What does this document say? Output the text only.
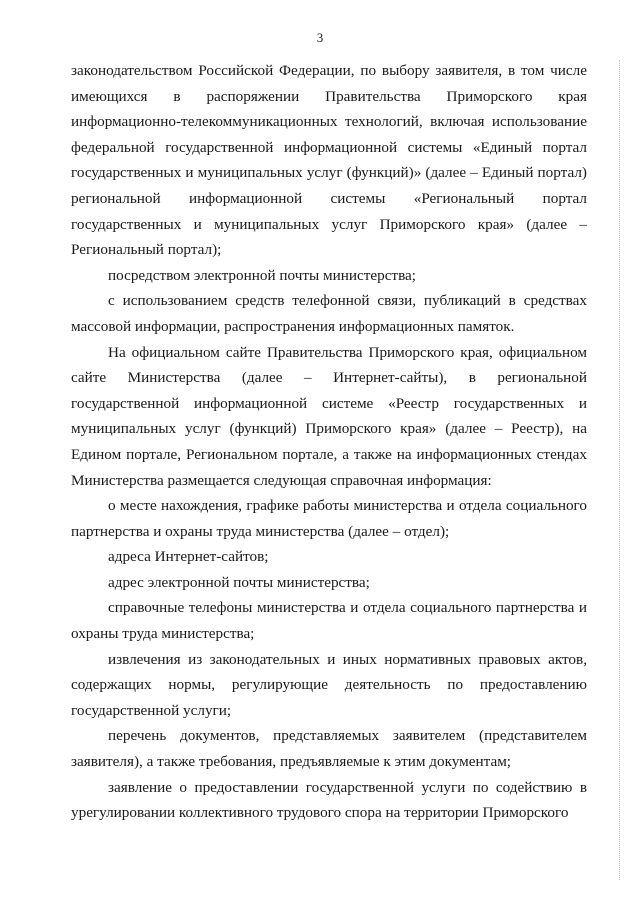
3

законодательством Российской Федерации, по выбору заявителя, в том числе имеющихся в распоряжении Правительства Приморского края информационно-телекоммуникационных технологий, включая использование федеральной государственной информационной системы «Единый портал государственных и муниципальных услуг (функций)» (далее – Единый портал) региональной информационной системы «Региональный портал государственных и муниципальных услуг Приморского края» (далее – Региональный портал);

посредством электронной почты министерства;

с использованием средств телефонной связи, публикаций в средствах массовой информации, распространения информационных памяток.

На официальном сайте Правительства Приморского края, официальном сайте Министерства (далее – Интернет-сайты), в региональной государственной информационной системе «Реестр государственных и муниципальных услуг (функций) Приморского края» (далее – Реестр), на Едином портале, Региональном портале, а также на информационных стендах Министерства размещается следующая справочная информация:

о месте нахождения, графике работы министерства и отдела социального партнерства и охраны труда министерства (далее – отдел);

адреса Интернет-сайтов;

адрес электронной почты министерства;

справочные телефоны министерства и отдела социального партнерства и охраны труда министерства;

извлечения из законодательных и иных нормативных правовых актов, содержащих нормы, регулирующие деятельность по предоставлению государственной услуги;

перечень документов, представляемых заявителем (представителем заявителя), а также требования, предъявляемые к этим документам;

заявление о предоставлении государственной услуги по содействию в урегулировании коллективного трудового спора на территории Приморского
